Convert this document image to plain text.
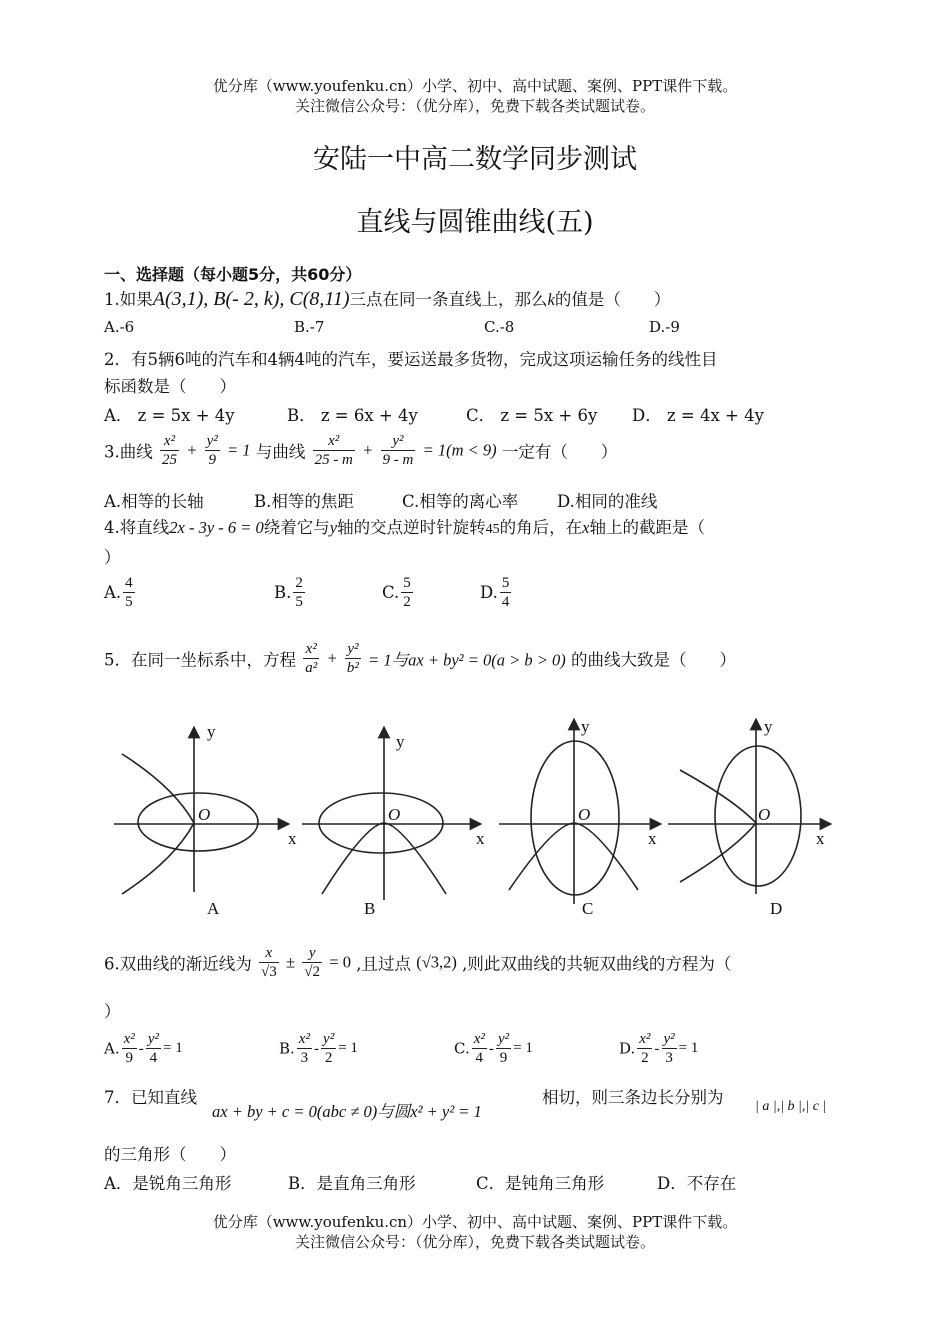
优分库（www.youfenku.cn）小学、初中、高中试题、案例、PPT课件下载。
关注微信公众号：（优分库），免费下载各类试题试卷。
安陆一中高二数学同步测试
直线与圆锥曲线(五)
一、选择题（每小题5分，共60分）
1.如果A(3,1), B(- 2, k), C(8,11)三点在同一条直线上，那么k的值是（　　）
A.-6	B.-7	C.-8	D.-9
2．有5辆6吨的汽车和4辆4吨的汽车，要运送最多货物，完成这项运输任务的线性目
标函数是（　　）
A． z = 5x + 4y	B． z = 6x + 4y	C． z = 5x + 6y D． z = 4x + 4y
3.曲线 $\frac{\text{x²}}{25} + \frac{\text{y²}}{9} = 1$ 与曲线 $\frac{\text{x²}}{25 - m} + \frac{\text{y²}}{9 - m} = 1(m < 9)$ 一定有（　　）
A.相等的长轴	B.相等的焦距	C.相等的离心率 D.相同的准线
4.将直线2x - 3y - 6 = 0绕着它与y轴的交点逆时针旋转45的角后，在x轴上的截距是（
）
A. $\frac{4}{5}$	B. $\frac{2}{5}$	C. $\frac{5}{2}$	D. $\frac{5}{4}$
5．在同一坐标系中，方程 $\frac{\text{x²}}{\text{a²}} + \frac{\text{y²}}{\text{b²}} = 1$与ax + by² = 0(a > b > 0) 的曲线大致是（　　）
y
x
O
A
y
x
O
B
y
x
O
C
y
x
O
D
6.双曲线的渐近线为 $\frac{x}{√3} \pm \frac{y}{√2} = 0$ ,且过点 (√3,2) ,则此双曲线的共轭双曲线的方程为（
）
A. $\frac{\text{x²}}{9} - \frac{\text{y²}}{4} = 1$	B. $\frac{\text{x²}}{3} - \frac{\text{y²}}{2} = 1$	C. $\frac{\text{x²}}{4} - \frac{\text{y²}}{9} = 1$	D. $\frac{\text{x²}}{2} - \frac{\text{y²}}{3} = 1$
7．已知直线
ax + by + c = 0(abc ≠ 0)与圆x² + y² = 1
相切，则三条边长分别为 | a |,| b |,| c |
的三角形（　　）
A．是锐角三角形	B．是直角三角形	C．是钝角三角形	D．不存在
优分库（www.youfenku.cn）小学、初中、高中试题、案例、PPT课件下载。
关注微信公众号：（优分库），免费下载各类试题试卷。
